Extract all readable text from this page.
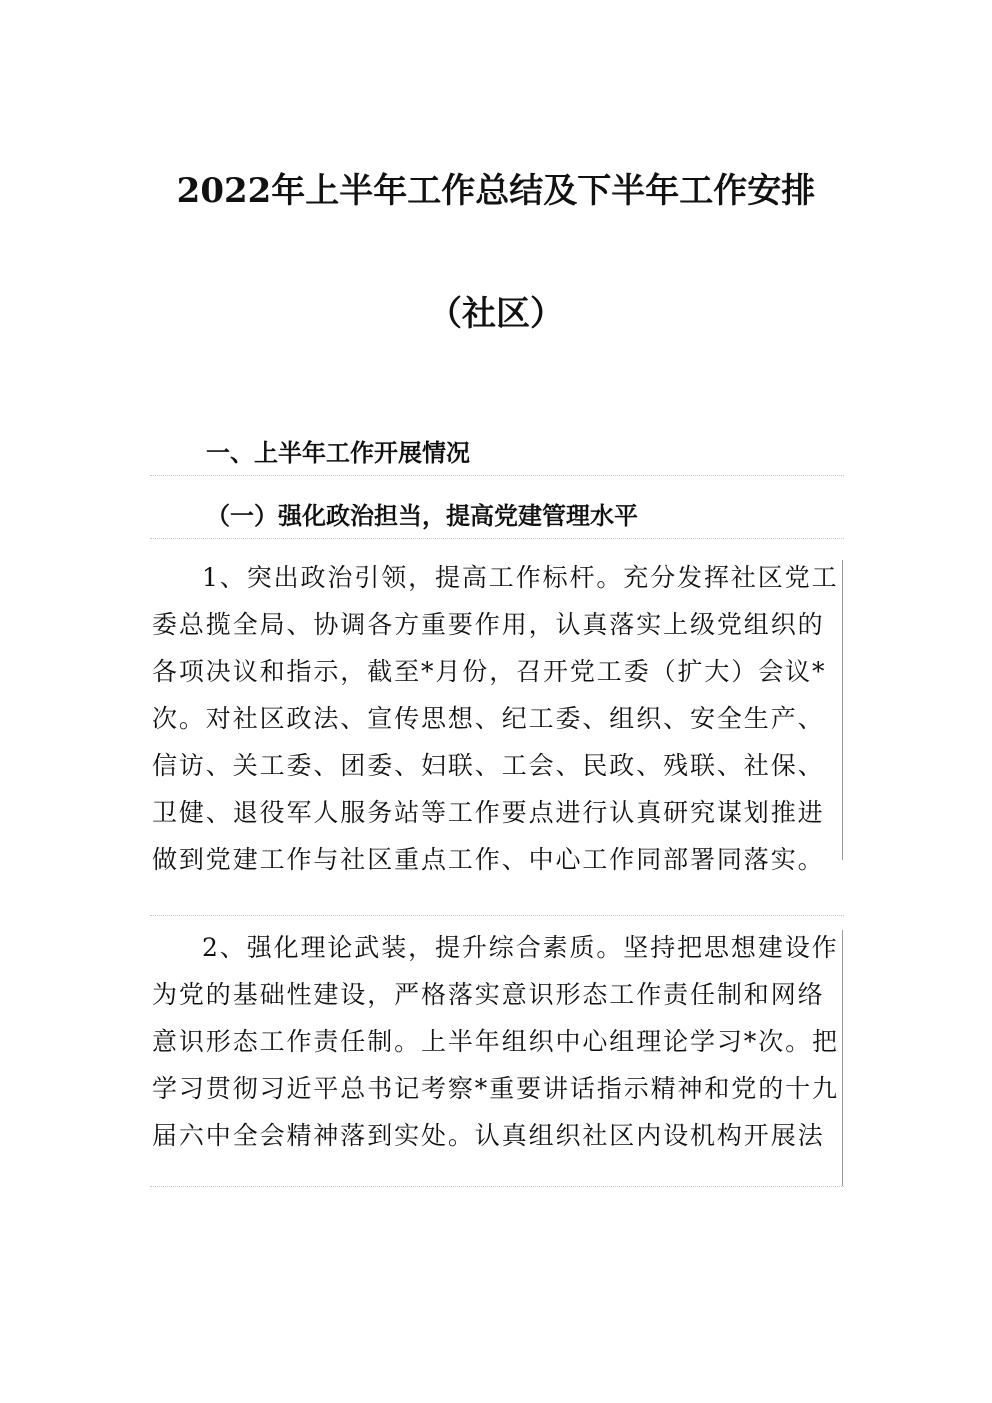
2022年上半年工作总结及下半年工作安排
（社区）
一、上半年工作开展情况
（一）强化政治担当，提高党建管理水平
1、突出政治引领，提高工作标杆。充分发挥社区党工
委总揽全局、协调各方重要作用，认真落实上级党组织的
各项决议和指示，截至*月份，召开党工委（扩大）会议*
次。对社区政法、宣传思想、纪工委、组织、安全生产、
信访、关工委、团委、妇联、工会、民政、残联、社保、
卫健、退役军人服务站等工作要点进行认真研究谋划推进
做到党建工作与社区重点工作、中心工作同部署同落实。
2、强化理论武装，提升综合素质。坚持把思想建设作
为党的基础性建设，严格落实意识形态工作责任制和网络
意识形态工作责任制。上半年组织中心组理论学习*次。把
学习贯彻习近平总书记考察*重要讲话指示精神和党的十九
届六中全会精神落到实处。认真组织社区内设机构开展法
